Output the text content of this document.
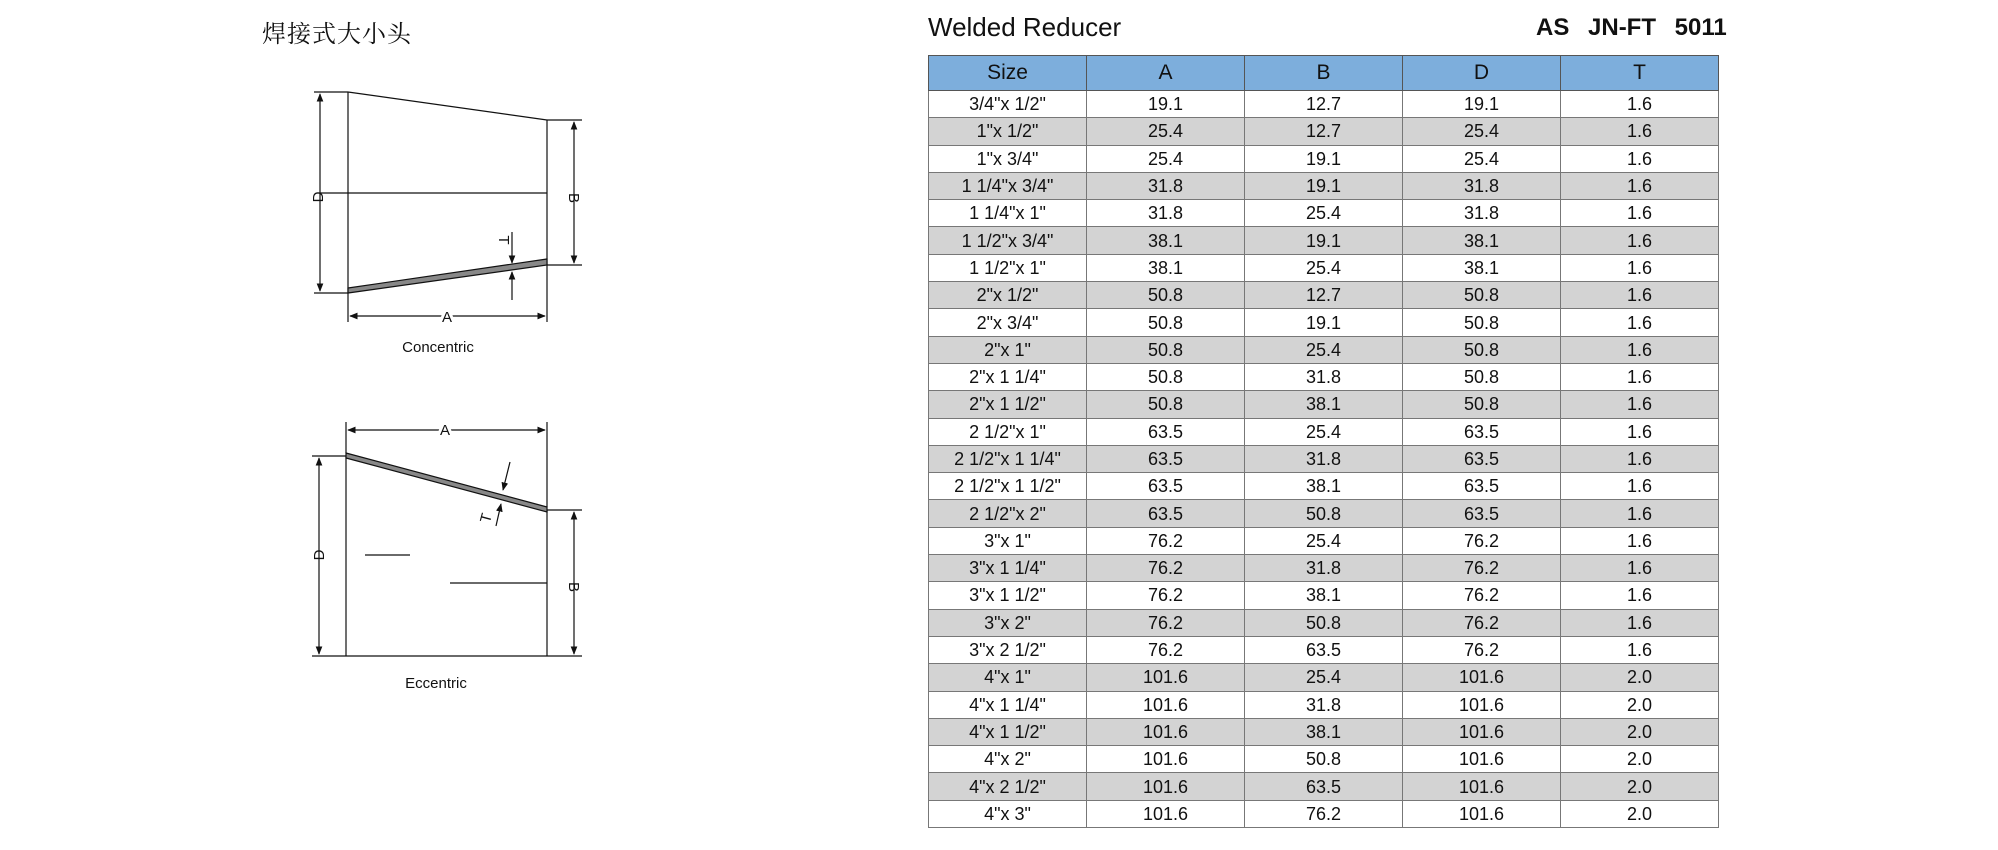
焊接式大小头
D	B
A
T
Concentric
A
D
B
T
Eccentric
Welded Reducer	AS JN-FT 5011
Size	A	B	D	T
3/4"x 1/2"	19.1	12.7	19.1	1.6
1"x 1/2"	25.4	12.7	25.4	1.6
1"x 3/4"	25.4	19.1	25.4	1.6
1 1/4"x 3/4"	31.8	19.1	31.8	1.6
1 1/4"x 1"	31.8	25.4	31.8	1.6
1 1/2"x 3/4"	38.1	19.1	38.1	1.6
1 1/2"x 1"	38.1	25.4	38.1	1.6
2"x 1/2"	50.8	12.7	50.8	1.6
2"x 3/4"	50.8	19.1	50.8	1.6
2"x 1"	50.8	25.4	50.8	1.6
2"x 1 1/4"	50.8	31.8	50.8	1.6
2"x 1 1/2"	50.8	38.1	50.8	1.6
2 1/2"x 1"	63.5	25.4	63.5	1.6
2 1/2"x 1 1/4"	63.5	31.8	63.5	1.6
2 1/2"x 1 1/2"	63.5	38.1	63.5	1.6
2 1/2"x 2"	63.5	50.8	63.5	1.6
3"x 1"	76.2	25.4	76.2	1.6
3"x 1 1/4"	76.2	31.8	76.2	1.6
3"x 1 1/2"	76.2	38.1	76.2	1.6
3"x 2"	76.2	50.8	76.2	1.6
3"x 2 1/2"	76.2	63.5	76.2	1.6
4"x 1"	101.6	25.4	101.6	2.0
4"x 1 1/4"	101.6	31.8	101.6	2.0
4"x 1 1/2"	101.6	38.1	101.6	2.0
4"x 2"	101.6	50.8	101.6	2.0
4"x 2 1/2"	101.6	63.5	101.6	2.0
4"x 3"	101.6	76.2	101.6	2.0
